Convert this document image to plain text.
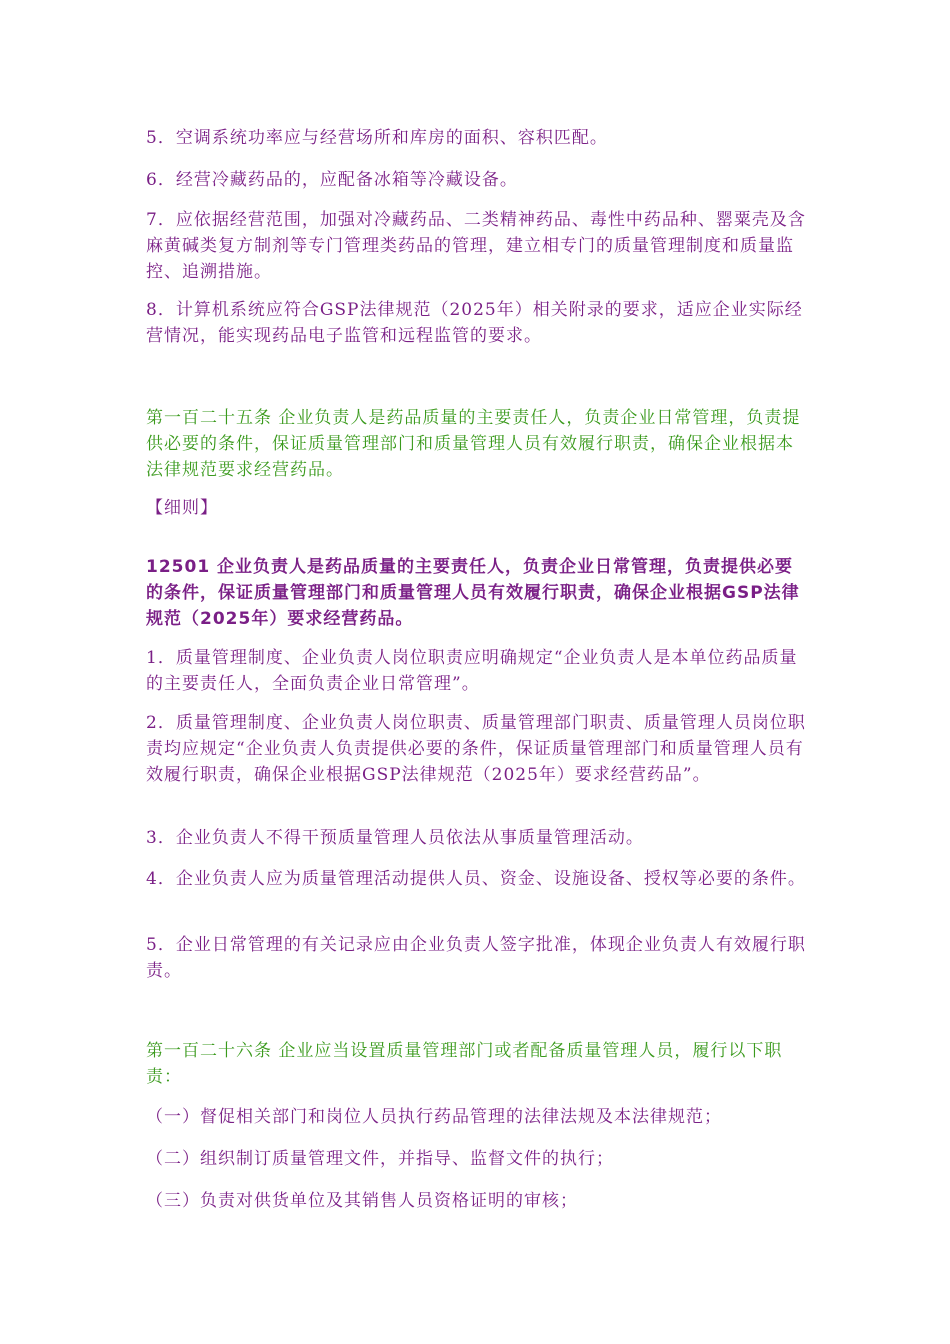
5．空调系统功率应与经营场所和库房的面积、容积匹配。

6．经营冷藏药品的，应配备冰箱等冷藏设备。

7．应依据经营范围，加强对冷藏药品、二类精神药品、毒性中药品种、罂粟壳及含麻黄碱类复方制剂等专门管理类药品的管理，建立相专门的质量管理制度和质量监控、追溯措施。

8．计算机系统应符合GSP法律规范（2025年）相关附录的要求，适应企业实际经营情况，能实现药品电子监管和远程监管的要求。

第一百二十五条 企业负责人是药品质量的主要责任人，负责企业日常管理，负责提供必要的条件，保证质量管理部门和质量管理人员有效履行职责，确保企业根据本法律规范要求经营药品。

【细则】

12501 企业负责人是药品质量的主要责任人，负责企业日常管理，负责提供必要的条件，保证质量管理部门和质量管理人员有效履行职责，确保企业根据GSP法律规范（2025年）要求经营药品。

1．质量管理制度、企业负责人岗位职责应明确规定“企业负责人是本单位药品质量的主要责任人，全面负责企业日常管理”。

2．质量管理制度、企业负责人岗位职责、质量管理部门职责、质量管理人员岗位职责均应规定“企业负责人负责提供必要的条件，保证质量管理部门和质量管理人员有效履行职责，确保企业根据GSP法律规范（2025年）要求经营药品”。

3．企业负责人不得干预质量管理人员依法从事质量管理活动。

4．企业负责人应为质量管理活动提供人员、资金、设施设备、授权等必要的条件。

5．企业日常管理的有关记录应由企业负责人签字批准，体现企业负责人有效履行职责。

第一百二十六条 企业应当设置质量管理部门或者配备质量管理人员，履行以下职责：

（一）督促相关部门和岗位人员执行药品管理的法律法规及本法律规范；

（二）组织制订质量管理文件，并指导、监督文件的执行；

（三）负责对供货单位及其销售人员资格证明的审核；
